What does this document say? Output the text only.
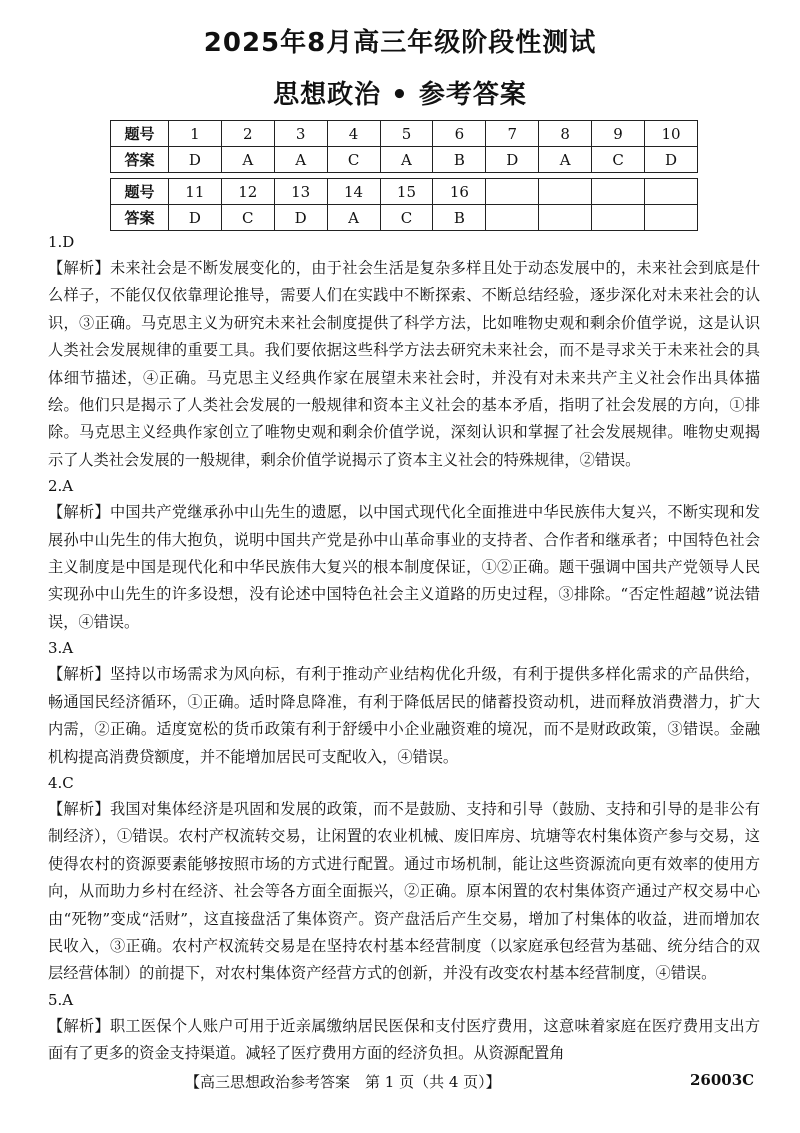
2025年8月高三年级阶段性测试
思想政治 • 参考答案
题号	1	2	3	4	5	6	7	8	9	10
答案	D	A	A	C	A	B	D	A	C	D

题号	11	12	13	14	15	16				
答案	D	C	D	A	C	B				
1.D
【解析】未来社会是不断发展变化的，由于社会生活是复杂多样且处于动态发展中的，未来社会到底是什么样子，不能仅仅依靠理论推导，需要人们在实践中不断探索、不断总结经验，逐步深化对未来社会的认识，③正确。马克思主义为研究未来社会制度提供了科学方法，比如唯物史观和剩余价值学说，这是认识人类社会发展规律的重要工具。我们要依据这些科学方法去研究未来社会，而不是寻求关于未来社会的具体细节描述，④正确。马克思主义经典作家在展望未来社会时，并没有对未来共产主义社会作出具体描绘。他们只是揭示了人类社会发展的一般规律和资本主义社会的基本矛盾，指明了社会发展的方向，①排除。马克思主义经典作家创立了唯物史观和剩余价值学说，深刻认识和掌握了社会发展规律。唯物史观揭示了人类社会发展的一般规律，剩余价值学说揭示了资本主义社会的特殊规律，②错误。
2.A
【解析】中国共产党继承孙中山先生的遗愿，以中国式现代化全面推进中华民族伟大复兴，不断实现和发展孙中山先生的伟大抱负，说明中国共产党是孙中山革命事业的支持者、合作者和继承者；中国特色社会主义制度是中国是现代化和中华民族伟大复兴的根本制度保证，①②正确。题干强调中国共产党领导人民实现孙中山先生的许多设想，没有论述中国特色社会主义道路的历史过程，③排除。“否定性超越”说法错误，④错误。
3.A
【解析】坚持以市场需求为风向标，有利于推动产业结构优化升级，有利于提供多样化需求的产品供给，畅通国民经济循环，①正确。适时降息降准，有利于降低居民的储蓄投资动机，进而释放消费潜力，扩大内需，②正确。适度宽松的货币政策有利于舒缓中小企业融资难的境况，而不是财政政策，③错误。金融机构提高消费贷额度，并不能增加居民可支配收入，④错误。
4.C
【解析】我国对集体经济是巩固和发展的政策，而不是鼓励、支持和引导（鼓励、支持和引导的是非公有制经济），①错误。农村产权流转交易，让闲置的农业机械、废旧库房、坑塘等农村集体资产参与交易，这使得农村的资源要素能够按照市场的方式进行配置。通过市场机制，能让这些资源流向更有效率的使用方向，从而助力乡村在经济、社会等各方面全面振兴，②正确。原本闲置的农村集体资产通过产权交易中心由“死物”变成“活财”，这直接盘活了集体资产。资产盘活后产生交易，增加了村集体的收益，进而增加农民收入，③正确。农村产权流转交易是在坚持农村基本经营制度（以家庭承包经营为基础、统分结合的双层经营体制）的前提下，对农村集体资产经营方式的创新，并没有改变农村基本经营制度，④错误。
5.A
【解析】职工医保个人账户可用于近亲属缴纳居民医保和支付医疗费用，这意味着家庭在医疗费用支出方面有了更多的资金支持渠道。减轻了医疗费用方面的经济负担。从资源配置角
【高三思想政治参考答案　第 1 页（共 4 页）】	26003C
